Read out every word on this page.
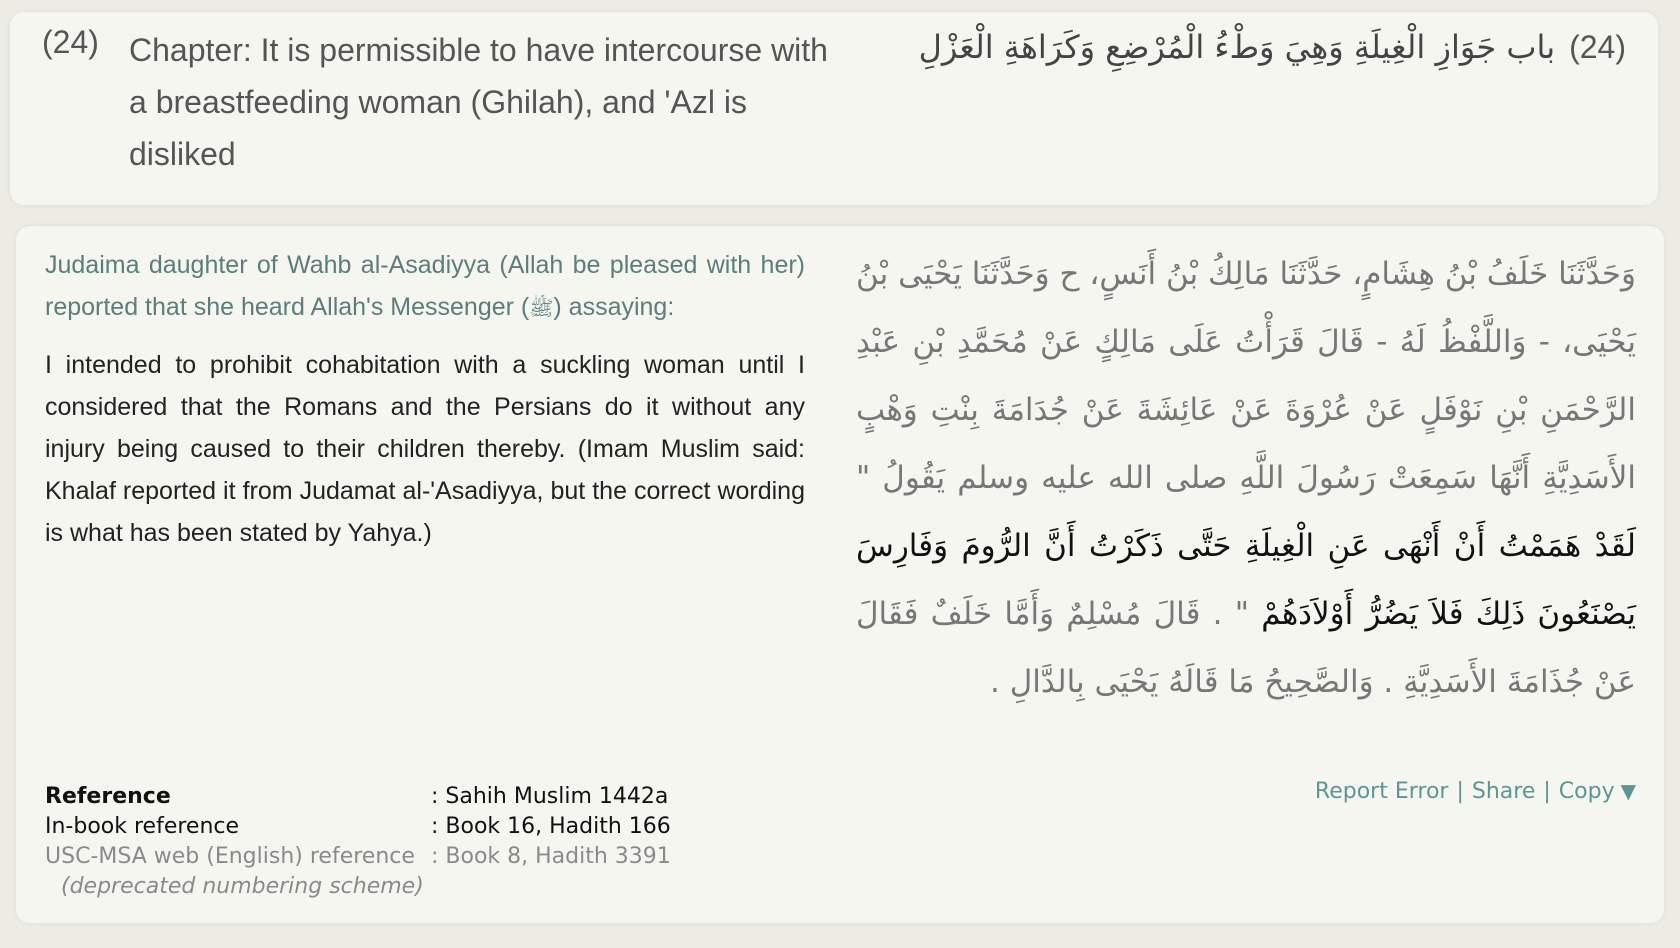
(24) Chapter: It is permissible to have intercourse with a breastfeeding woman (Ghilah), and 'Azl is disliked
(24)باب جَوَازِ الْغِيلَةِ وَهِيَ وَطْءُ الْمُرْضِعِ وَكَرَاهَةِ الْعَزْلِ
Judaima daughter of Wahb al-Asadiyya (Allah be pleased with her) reported that she heard Allah's Messenger (ﷺ) assaying:
I intended to prohibit cohabitation with a suckling woman until I considered that the Romans and the Persians do it without any injury being caused to their children thereby. (Imam Muslim said: Khalaf reported it from Judamat al-'Asadiyya, but the correct wording is what has been stated by Yahya.)
وَحَدَّثَنَا خَلَفُ بْنُ هِشَامٍ، حَدَّثَنَا مَالِكُ بْنُ أَنَسٍ، ح وَحَدَّثَنَا يَحْيَى بْنُ يَحْيَى، - وَاللَّفْظُ لَهُ - قَالَ قَرَأْتُ عَلَى مَالِكٍ عَنْ مُحَمَّدِ بْنِ عَبْدِ الرَّحْمَنِ بْنِ نَوْفَلٍ عَنْ عُرْوَةَ عَنْ عَائِشَةَ عَنْ جُدَامَةَ بِنْتِ وَهْبٍ الأَسَدِيَّةِ أَنَّهَا سَمِعَتْ رَسُولَ اللَّهِ صلى الله عليه وسلم يَقُولُ " لَقَدْ هَمَمْتُ أَنْ أَنْهَى عَنِ الْغِيلَةِ حَتَّى ذَكَرْتُ أَنَّ الرُّومَ وَفَارِسَ يَصْنَعُونَ ذَلِكَ فَلاَ يَضُرُّ أَوْلاَدَهُمْ " . قَالَ مُسْلِمٌ وَأَمَّا خَلَفٌ فَقَالَ عَنْ جُذَامَةَ الأَسَدِيَّةِ . وَالصَّحِيحُ مَا قَالَهُ يَحْيَى بِالدَّالِ .
Reference	: Sahih Muslim 1442a
In-book reference	: Book 16, Hadith 166
USC-MSA web (English) reference	: Book 8, Hadith 3391
(deprecated numbering scheme)	
Report Error | Share | Copy ▼
